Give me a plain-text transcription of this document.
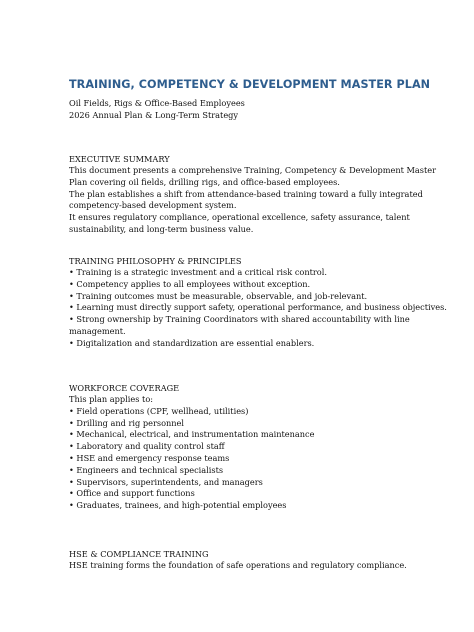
TRAINING, COMPETENCY & DEVELOPMENT MASTER PLAN
Oil Fields, Rigs & Office-Based Employees
2026 Annual Plan & Long-Term Strategy
EXECUTIVE SUMMARY
This document presents a comprehensive Training, Competency & Development Master
Plan covering oil fields, drilling rigs, and office-based employees.
The plan establishes a shift from attendance-based training toward a fully integrated
competency-based development system.
It ensures regulatory compliance, operational excellence, safety assurance, talent
sustainability, and long-term business value.
TRAINING PHILOSOPHY & PRINCIPLES
• Training is a strategic investment and a critical risk control.
• Competency applies to all employees without exception.
• Training outcomes must be measurable, observable, and job-relevant.
• Learning must directly support safety, operational performance, and business objectives.
• Strong ownership by Training Coordinators with shared accountability with line
management.
• Digitalization and standardization are essential enablers.
WORKFORCE COVERAGE
This plan applies to:
• Field operations (CPF, wellhead, utilities)
• Drilling and rig personnel
• Mechanical, electrical, and instrumentation maintenance
• Laboratory and quality control staff
• HSE and emergency response teams
• Engineers and technical specialists
• Supervisors, superintendents, and managers
• Office and support functions
• Graduates, trainees, and high-potential employees
HSE & COMPLIANCE TRAINING
HSE training forms the foundation of safe operations and regulatory compliance.
